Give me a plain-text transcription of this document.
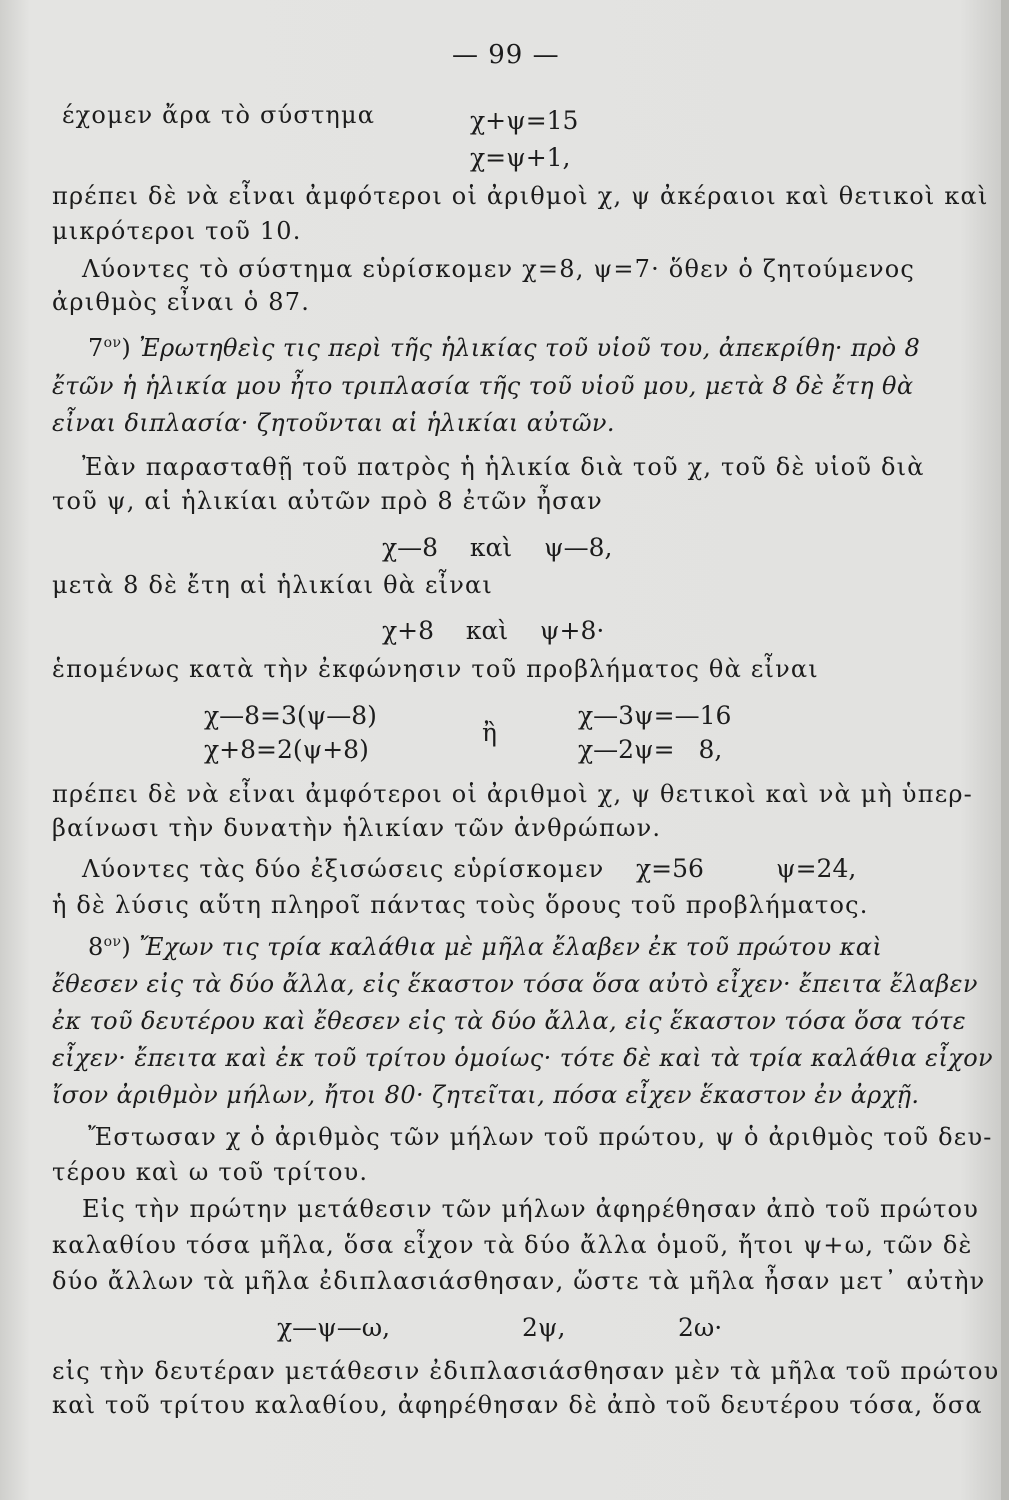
— 99 —

έχομεν ἄρα τὸ σύστημα	χ+ψ=15

χ=ψ+1,

πρέπει δὲ νὰ εἶναι ἀμφότεροι οἱ ἀριθμοὶ χ, ψ ἀκέραιοι καὶ θετικοὶ καὶ

μικρότεροι τοῦ 10.

Λύοντες τὸ σύστημα εὑρίσκομεν χ=8, ψ=7· ὅθεν ὁ ζητούμενος

ἀριθμὸς εἶναι ὁ 87.

$7^{o\nu}$) Ἐρωτηθεὶς τις περὶ τῆς ἡλικίας τοῦ υἱοῦ του, ἀπεκρίθη· πρὸ 8

ἔτῶν ἡ ἡλικία μου ἦτο τριπλασία τῆς τοῦ υἱοῦ μου, μετὰ 8 δὲ ἔτη θὰ

εἶναι διπλασία· ζητοῦνται αἱ ἡλικίαι αὐτῶν.

Ἐὰν παρασταθῇ τοῦ πατρὸς ἡ ἡλικία διὰ τοῦ χ, τοῦ δὲ υἱοῦ διὰ

τοῦ ψ, αἱ ἡλικίαι αὐτῶν πρὸ 8 ἐτῶν ἦσαν

χ—8 καὶ ψ—8,

μετὰ 8 δὲ ἔτη αἱ ἡλικίαι θὰ εἶναι

χ+8 καὶ ψ+8·

ἑπομένως κατὰ τὴν ἐκφώνησιν τοῦ προβλήματος θὰ εἶναι

χ—8=3(ψ—8)

χ+8=2(ψ+8)

ἢ

χ—3ψ=—16

χ—2ψ=   8,

πρέπει δὲ νὰ εἶναι ἀμφότεροι οἱ ἀριθμοὶ χ, ψ θετικοὶ καὶ νὰ μὴ ὑπερ-

βαίνωσι τὴν δυνατὴν ἡλικίαν τῶν ἀνθρώπων.

Λύοντες τὰς δύο ἐξισώσεις εὑρίσκομεν χ=56	ψ=24,

ἡ δὲ λύσις αὕτη πληροῖ πάντας τοὺς ὅρους τοῦ προβλήματος.

$8^{o\nu}$) Ἔχων τις τρία καλάθια μὲ μῆλα ἔλαβεν ἐκ τοῦ πρώτου καὶ

ἔθεσεν εἰς τὰ δύο ἄλλα, εἰς ἕκαστον τόσα ὅσα αὐτὸ εἶχεν· ἔπειτα ἔλαβεν

ἐκ τοῦ δευτέρου καὶ ἔθεσεν εἰς τὰ δύο ἄλλα, εἰς ἕκαστον τόσα ὅσα τότε

εἶχεν· ἔπειτα καὶ ἐκ τοῦ τρίτου ὁμοίως· τότε δὲ καὶ τὰ τρία καλάθια εἶχον

ἴσον ἀριθμὸν μήλων, ἤτοι 80· ζητεῖται, πόσα εἶχεν ἕκαστον ἐν ἀρχῇ.

Ἔστωσαν χ ὁ ἀριθμὸς τῶν μήλων τοῦ πρώτου, ψ ὁ ἀριθμὸς τοῦ δευ-

τέρου καὶ ω τοῦ τρίτου.

Εἰς τὴν πρώτην μετάθεσιν τῶν μήλων ἀφηρέθησαν ἀπὸ τοῦ πρώτου

καλαθίου τόσα μῆλα, ὅσα εἶχον τὰ δύο ἄλλα ὁμοῦ, ἤτοι ψ+ω, τῶν δὲ

δύο ἄλλων τὰ μῆλα ἐδιπλασιάσθησαν, ὥστε τὰ μῆλα ἦσαν μετ᾽ αὐτὴν

χ—ψ—ω,	2ψ,	2ω·

εἰς τὴν δευτέραν μετάθεσιν ἐδιπλασιάσθησαν μὲν τὰ μῆλα τοῦ πρώτου

καὶ τοῦ τρίτου καλαθίου, ἀφηρέθησαν δὲ ἀπὸ τοῦ δευτέρου τόσα, ὅσα
